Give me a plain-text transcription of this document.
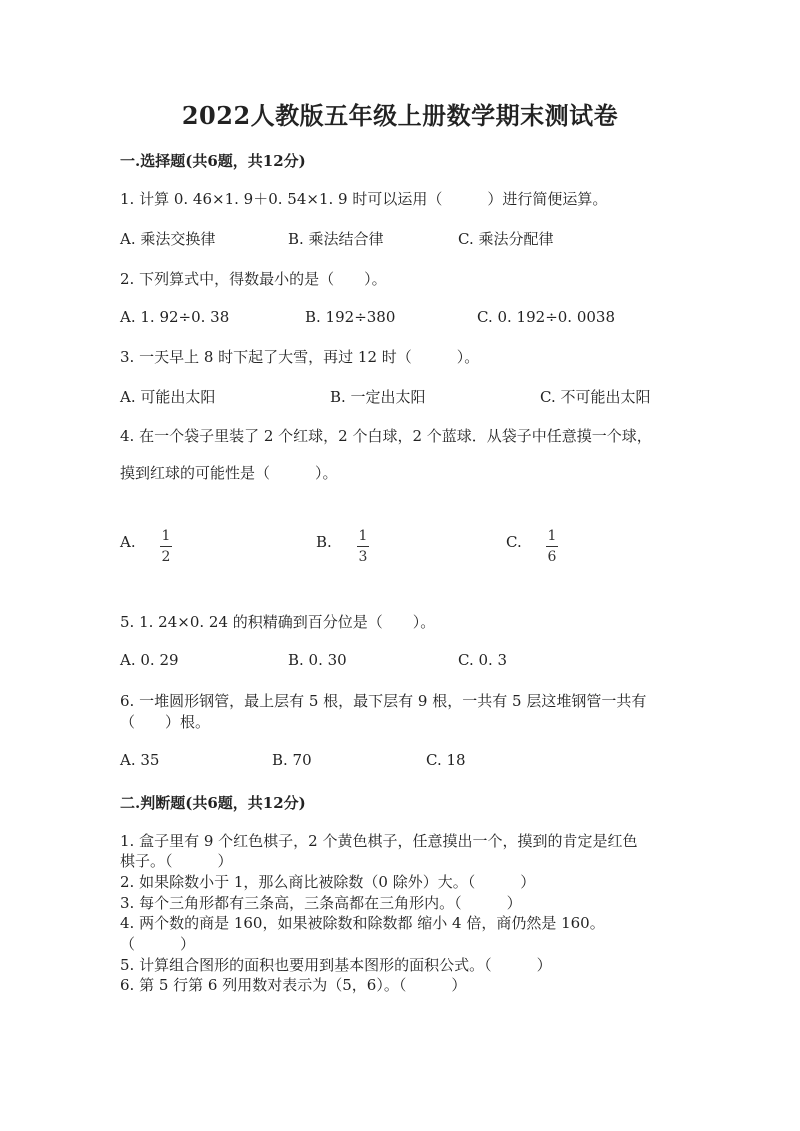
2022人教版五年级上册数学期末测试卷
一.选择题(共6题，共12分)
1. 计算 0. 46×1. 9＋0. 54×1. 9 时可以运用（　　　）进行简便运算。
A. 乘法交换律	B. 乘法结合律	C. 乘法分配律
2. 下列算式中，得数最小的是（　　）。
A. 1. 92÷0. 38	B. 192÷380	C. 0. 192÷0. 0038
3. 一天早上 8 时下起了大雪，再过 12 时（　　　）。
A. 可能出太阳	B. 一定出太阳	C. 不可能出太阳
4. 在一个袋子里装了 2 个红球，2 个白球，2 个蓝球．从袋子中任意摸一个球，
摸到红球的可能性是（　　　）。
A. $\frac{1}{2}$	B. $\frac{1}{3}$	C. $\frac{1}{6}$
5. 1. 24×0. 24 的积精确到百分位是（　　）。
A. 0. 29	B. 0. 30	C. 0. 3
6. 一堆圆形钢管，最上层有 5 根，最下层有 9 根，一共有 5 层这堆钢管一共有
（　　）根。
A. 35	B. 70	C. 18
二.判断题(共6题，共12分)
1. 盒子里有 9 个红色棋子，2 个黄色棋子，任意摸出一个，摸到的肯定是红色
棋子。（　　　）
2. 如果除数小于 1，那么商比被除数（0 除外）大。（　　　）
3. 每个三角形都有三条高，三条高都在三角形内。（　　　）
4. 两个数的商是 160，如果被除数和除数都 缩小 4 倍，商仍然是 160。
（　　　）
5. 计算组合图形的面积也要用到基本图形的面积公式。（　　　）
6. 第 5 行第 6 列用数对表示为（5，6）。（　　　）
